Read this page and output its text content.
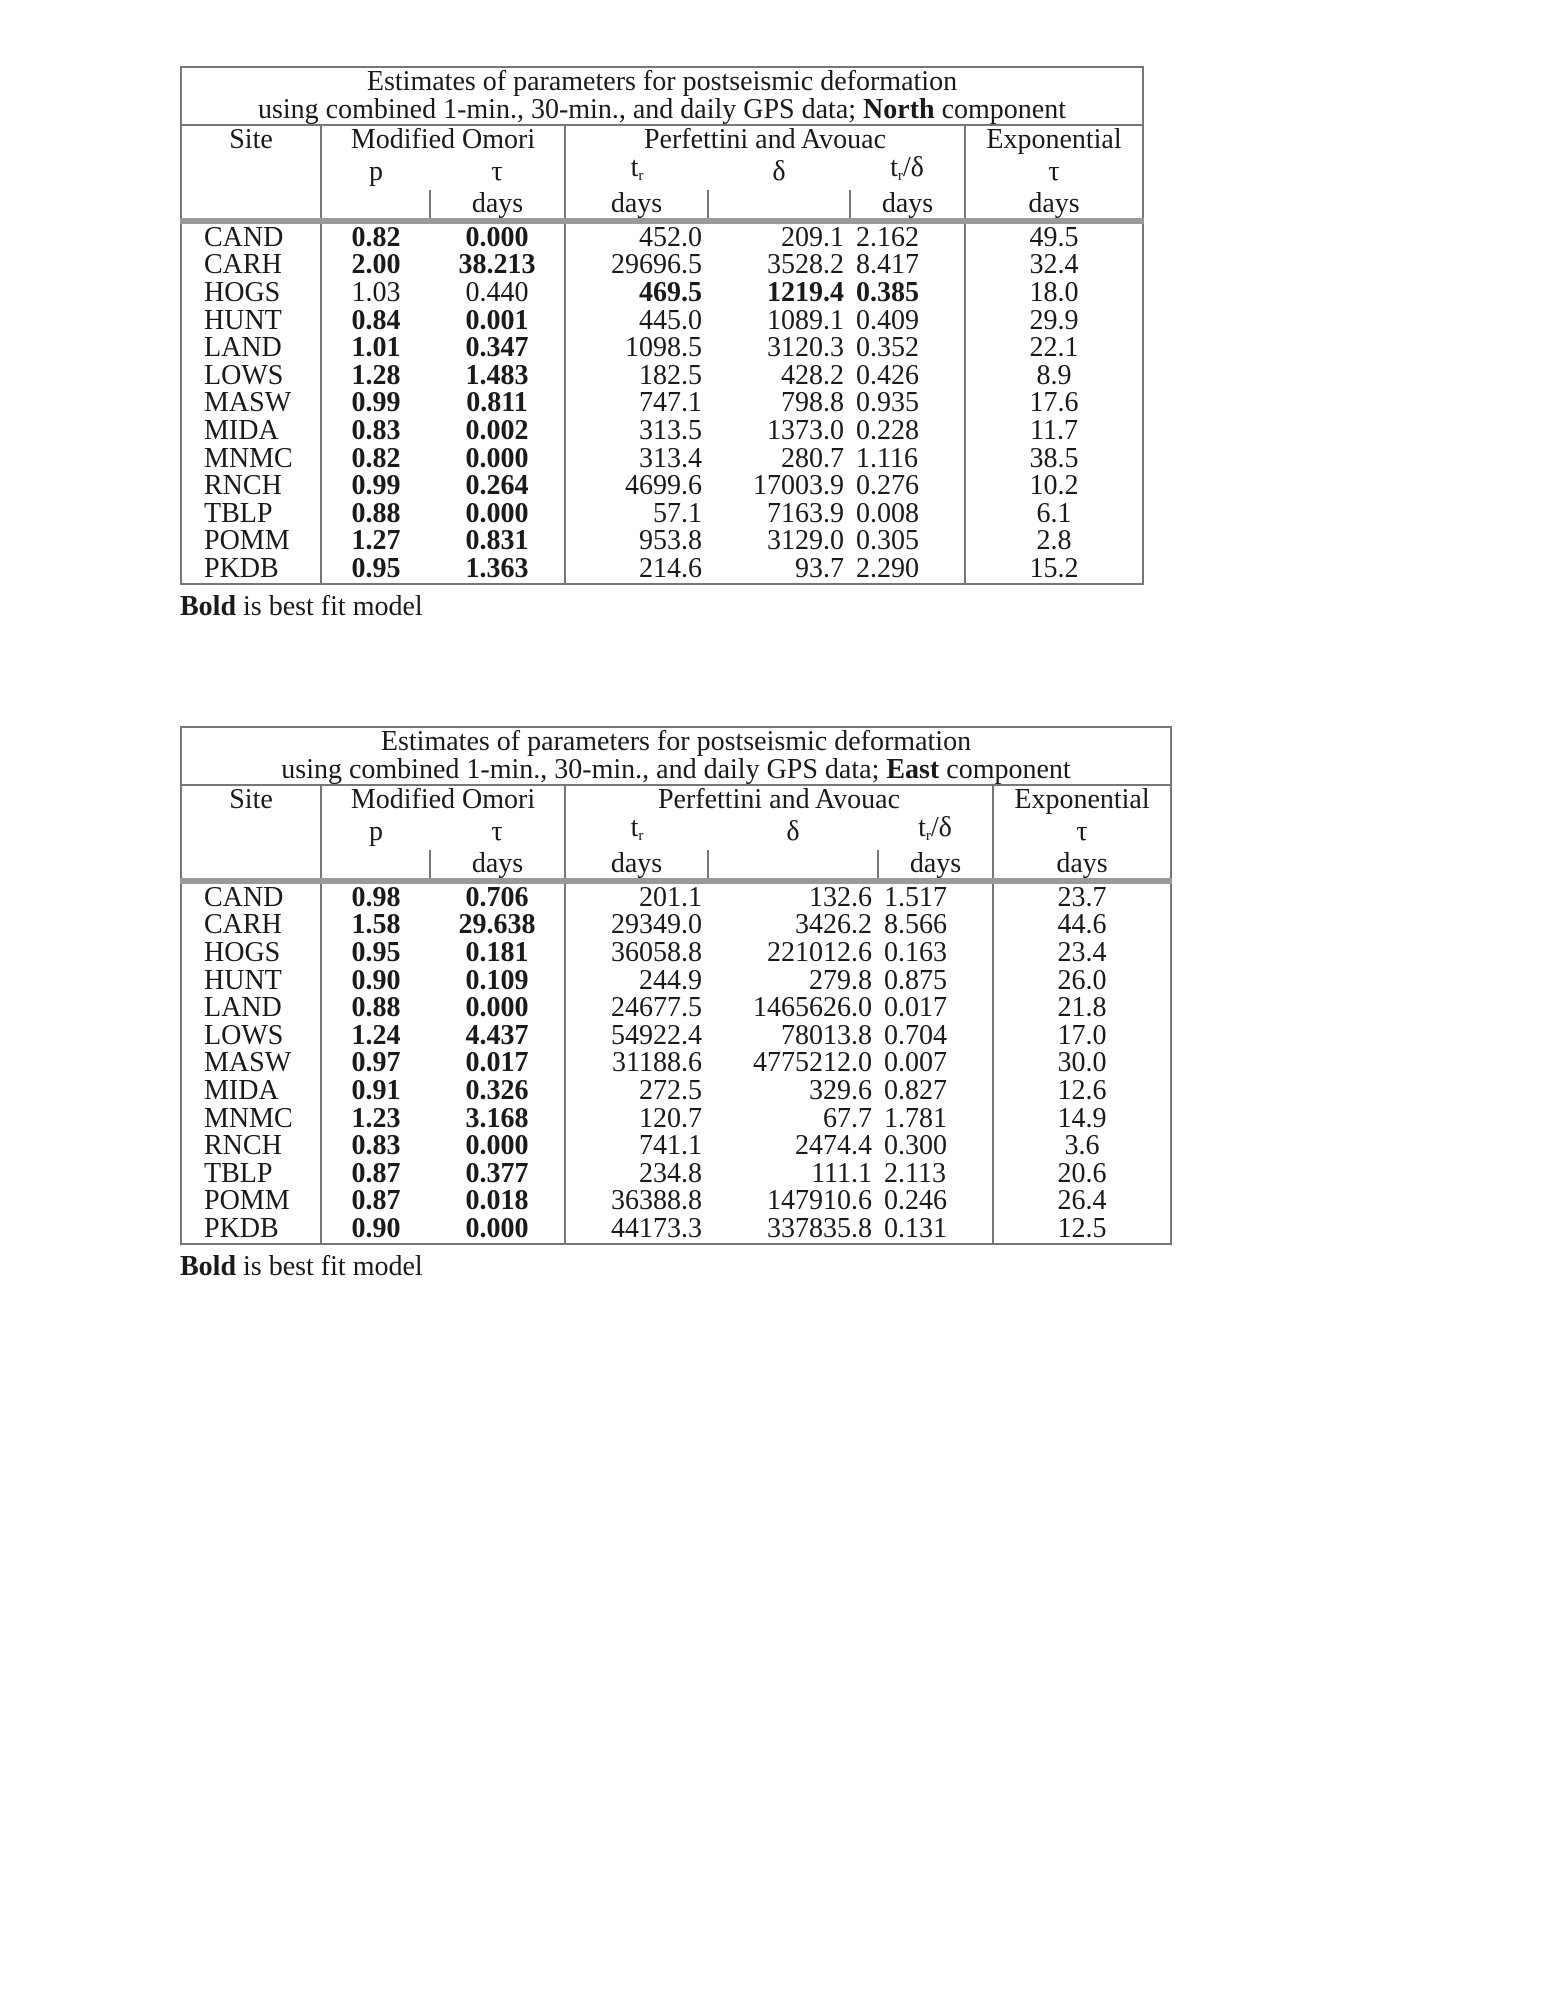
Estimates of parameters for postseismic deformation
using combined 1-min., 30-min., and daily GPS data; North component						

Site	Modified Omori		Perfettini and Avouac			Exponential
	p	τ	$t_r$	δ	$t_r/\delta$	τ
		days	days		days	days
CAND	0.82	0.000	452.0	209.1	2.162	49.5
CARH	2.00	38.213	29696.5	3528.2	8.417	32.4
HOGS	1.03	0.440	469.5	1219.4	0.385	18.0
HUNT	0.84	0.001	445.0	1089.1	0.409	29.9
LAND	1.01	0.347	1098.5	3120.3	0.352	22.1
LOWS	1.28	1.483	182.5	428.2	0.426	8.9
MASW	0.99	0.811	747.1	798.8	0.935	17.6
MIDA	0.83	0.002	313.5	1373.0	0.228	11.7
MNMC	0.82	0.000	313.4	280.7	1.116	38.5
RNCH	0.99	0.264	4699.6	17003.9	0.276	10.2
TBLP	0.88	0.000	57.1	7163.9	0.008	6.1
POMM	1.27	0.831	953.8	3129.0	0.305	2.8
PKDB	0.95	1.363	214.6	93.7	2.290	15.2
Bold is best fit model
Estimates of parameters for postseismic deformation
using combined 1-min., 30-min., and daily GPS data; East component						

Site	Modified Omori		Perfettini and Avouac			Exponential
	p	τ	$t_r$	δ	$t_r/\delta$	τ
		days	days		days	days
CAND	0.98	0.706	201.1	132.6	1.517	23.7
CARH	1.58	29.638	29349.0	3426.2	8.566	44.6
HOGS	0.95	0.181	36058.8	221012.6	0.163	23.4
HUNT	0.90	0.109	244.9	279.8	0.875	26.0
LAND	0.88	0.000	24677.5	1465626.0	0.017	21.8
LOWS	1.24	4.437	54922.4	78013.8	0.704	17.0
MASW	0.97	0.017	31188.6	4775212.0	0.007	30.0
MIDA	0.91	0.326	272.5	329.6	0.827	12.6
MNMC	1.23	3.168	120.7	67.7	1.781	14.9
RNCH	0.83	0.000	741.1	2474.4	0.300	3.6
TBLP	0.87	0.377	234.8	111.1	2.113	20.6
POMM	0.87	0.018	36388.8	147910.6	0.246	26.4
PKDB	0.90	0.000	44173.3	337835.8	0.131	12.5
Bold is best fit model
